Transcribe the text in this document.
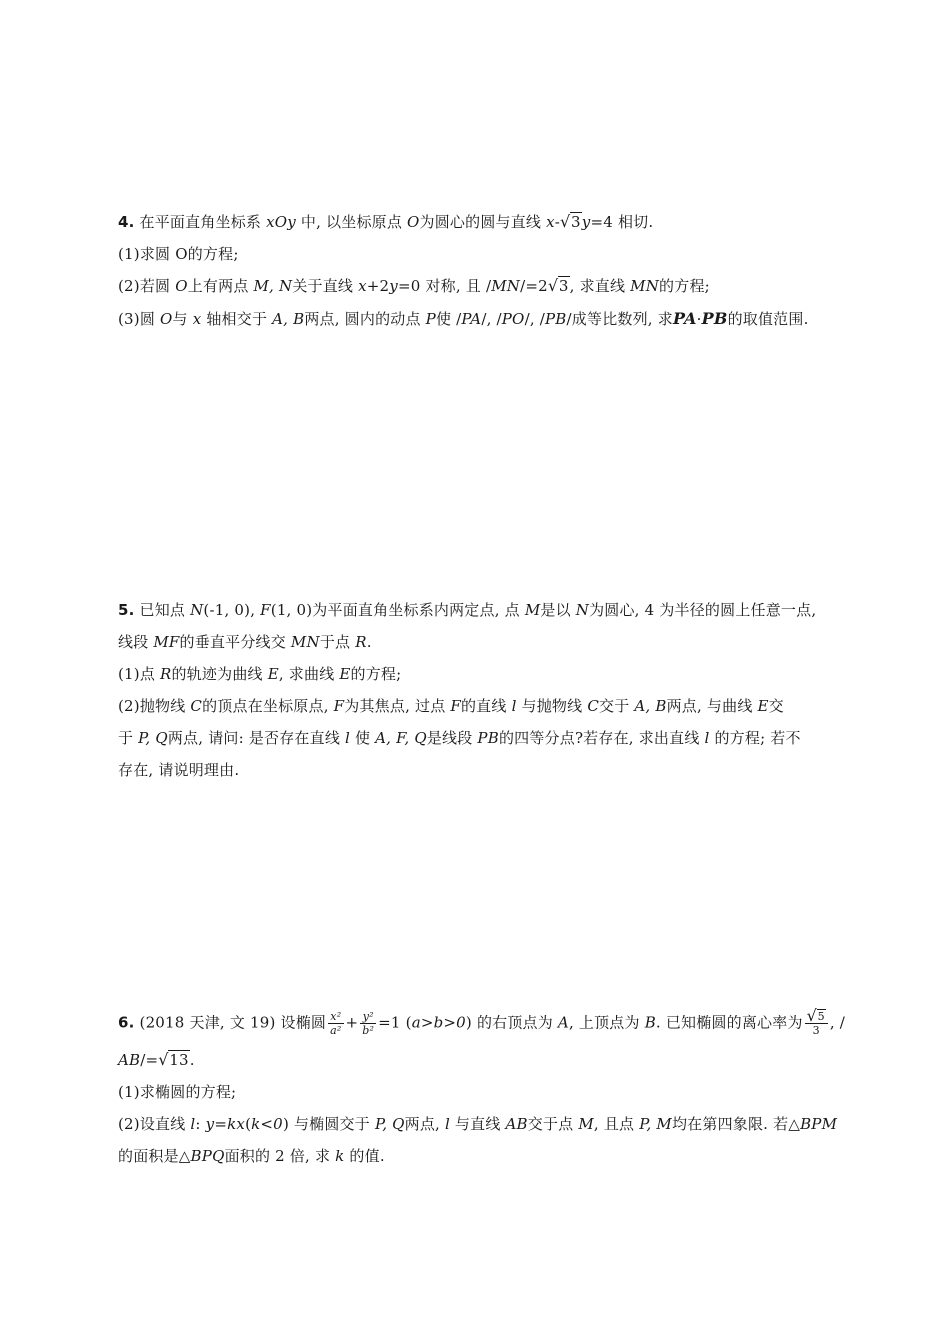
4. 在平面直角坐标系 xOy 中, 以坐标原点 O为圆心的圆与直线 x- √ 3y=4 相切.
(1)求圆 O的方程;
(2)若圆 O上有两点 M, N关于直线 x+2y=0 对称, 且 /MN/=2 √ 3, 求直线 MN的方程;
(3)圆 O与 x 轴相交于 A, B两点, 圆内的动点 P使 /PA/, /PO/, /PB/成等比数列, 求PA·PB的取值范围.
5. 已知点 N(-1, 0), F(1, 0)为平面直角坐标系内两定点, 点 M是以 N为圆心, 4 为半径的圆上任意一点,
线段 MF的垂直平分线交 MN于点 R.
(1)点 R的轨迹为曲线 E, 求曲线 E的方程;
(2)抛物线 C的顶点在坐标原点, F为其焦点, 过点 F的直线 l 与抛物线 C交于 A, B两点, 与曲线 E交
于 P, Q两点, 请问: 是否存在直线 l 使 A, F, Q是线段 PB的四等分点?若存在, 求出直线 l 的方程; 若不
存在, 请说明理由.
6. (2018 天津, 文 19) 设椭圆 $\frac{\text{x²}}{\text{a²}} + \frac{\text{y²}}{\text{b²}} =1$ (a>b>0) 的右顶点为 A, 上顶点为 B. 已知椭圆的离心率为 √ $\frac{5}{3}$ , /
AB/= √ 13.
(1)求椭圆的方程;
(2)设直线 l: y=kx(k<0) 与椭圆交于 P, Q两点, l 与直线 AB交于点 M, 且点 P, M均在第四象限. 若△BPM
的面积是△BPQ面积的 2 倍, 求 k 的值.
